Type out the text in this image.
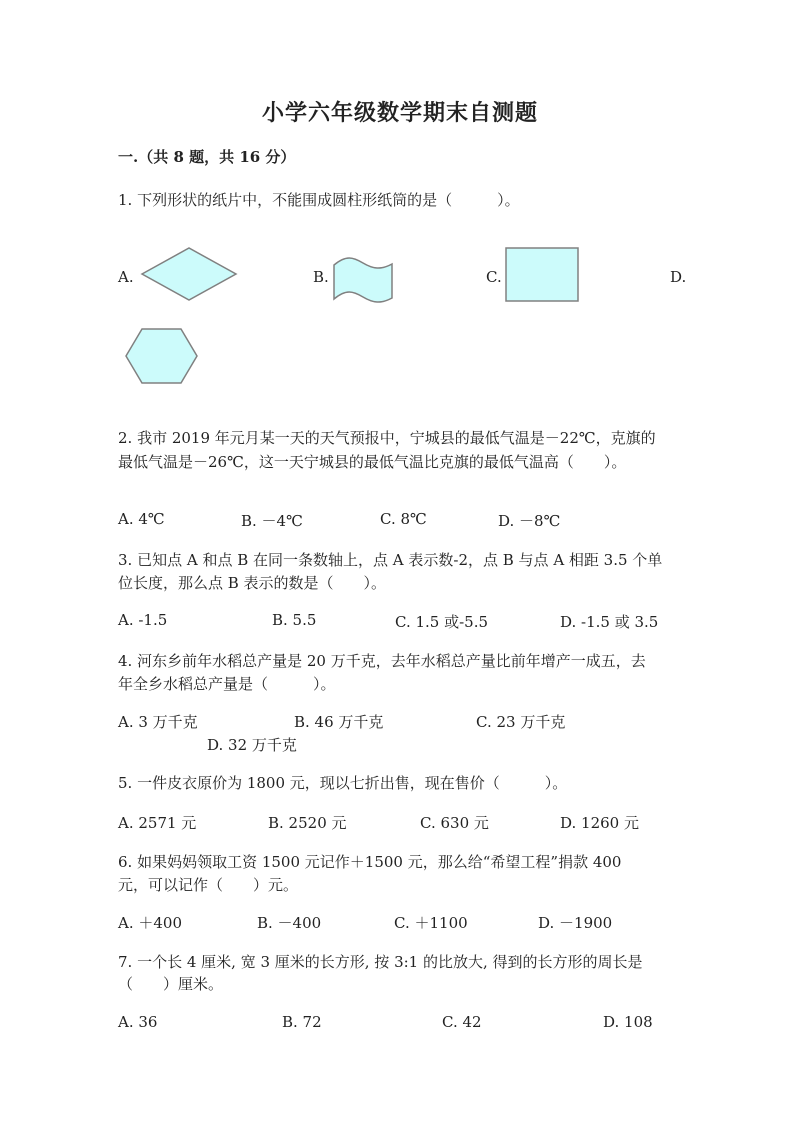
小学六年级数学期末自测题
一.（共 8 题，共 16 分）
1. 下列形状的纸片中，不能围成圆柱形纸筒的是（　　　）。
A.	B.	C.	D.
2. 我市 2019 年元月某一天的天气预报中，宁城县的最低气温是－22℃，克旗的
最低气温是－26℃，这一天宁城县的最低气温比克旗的最低气温高（　　）。
A. 4℃	B. －4℃	C. 8℃	D. －8℃
3. 已知点 A 和点 B 在同一条数轴上，点 A 表示数-2，点 B 与点 A 相距 3.5 个单
位长度，那么点 B 表示的数是（　　）。
A. -1.5	B. 5.5	C. 1.5 或-5.5	D. -1.5 或 3.5
4. 河东乡前年水稻总产量是 20 万千克，去年水稻总产量比前年增产一成五，去
年全乡水稻总产量是（　　　）。
A. 3 万千克	B. 46 万千克	C. 23 万千克
D. 32 万千克
5. 一件皮衣原价为 1800 元，现以七折出售，现在售价（　　　）。
A. 2571 元	B. 2520 元	C. 630 元	D. 1260 元
6. 如果妈妈领取工资 1500 元记作＋1500 元，那么给“希望工程”捐款 400
元，可以记作（　　）元。
A. ＋400	B. －400	C. ＋1100	D. －1900
7. 一个长 4 厘米, 宽 3 厘米的长方形, 按 3:1 的比放大, 得到的长方形的周长是
（　　）厘米。
A. 36	B. 72	C. 42	D. 108
